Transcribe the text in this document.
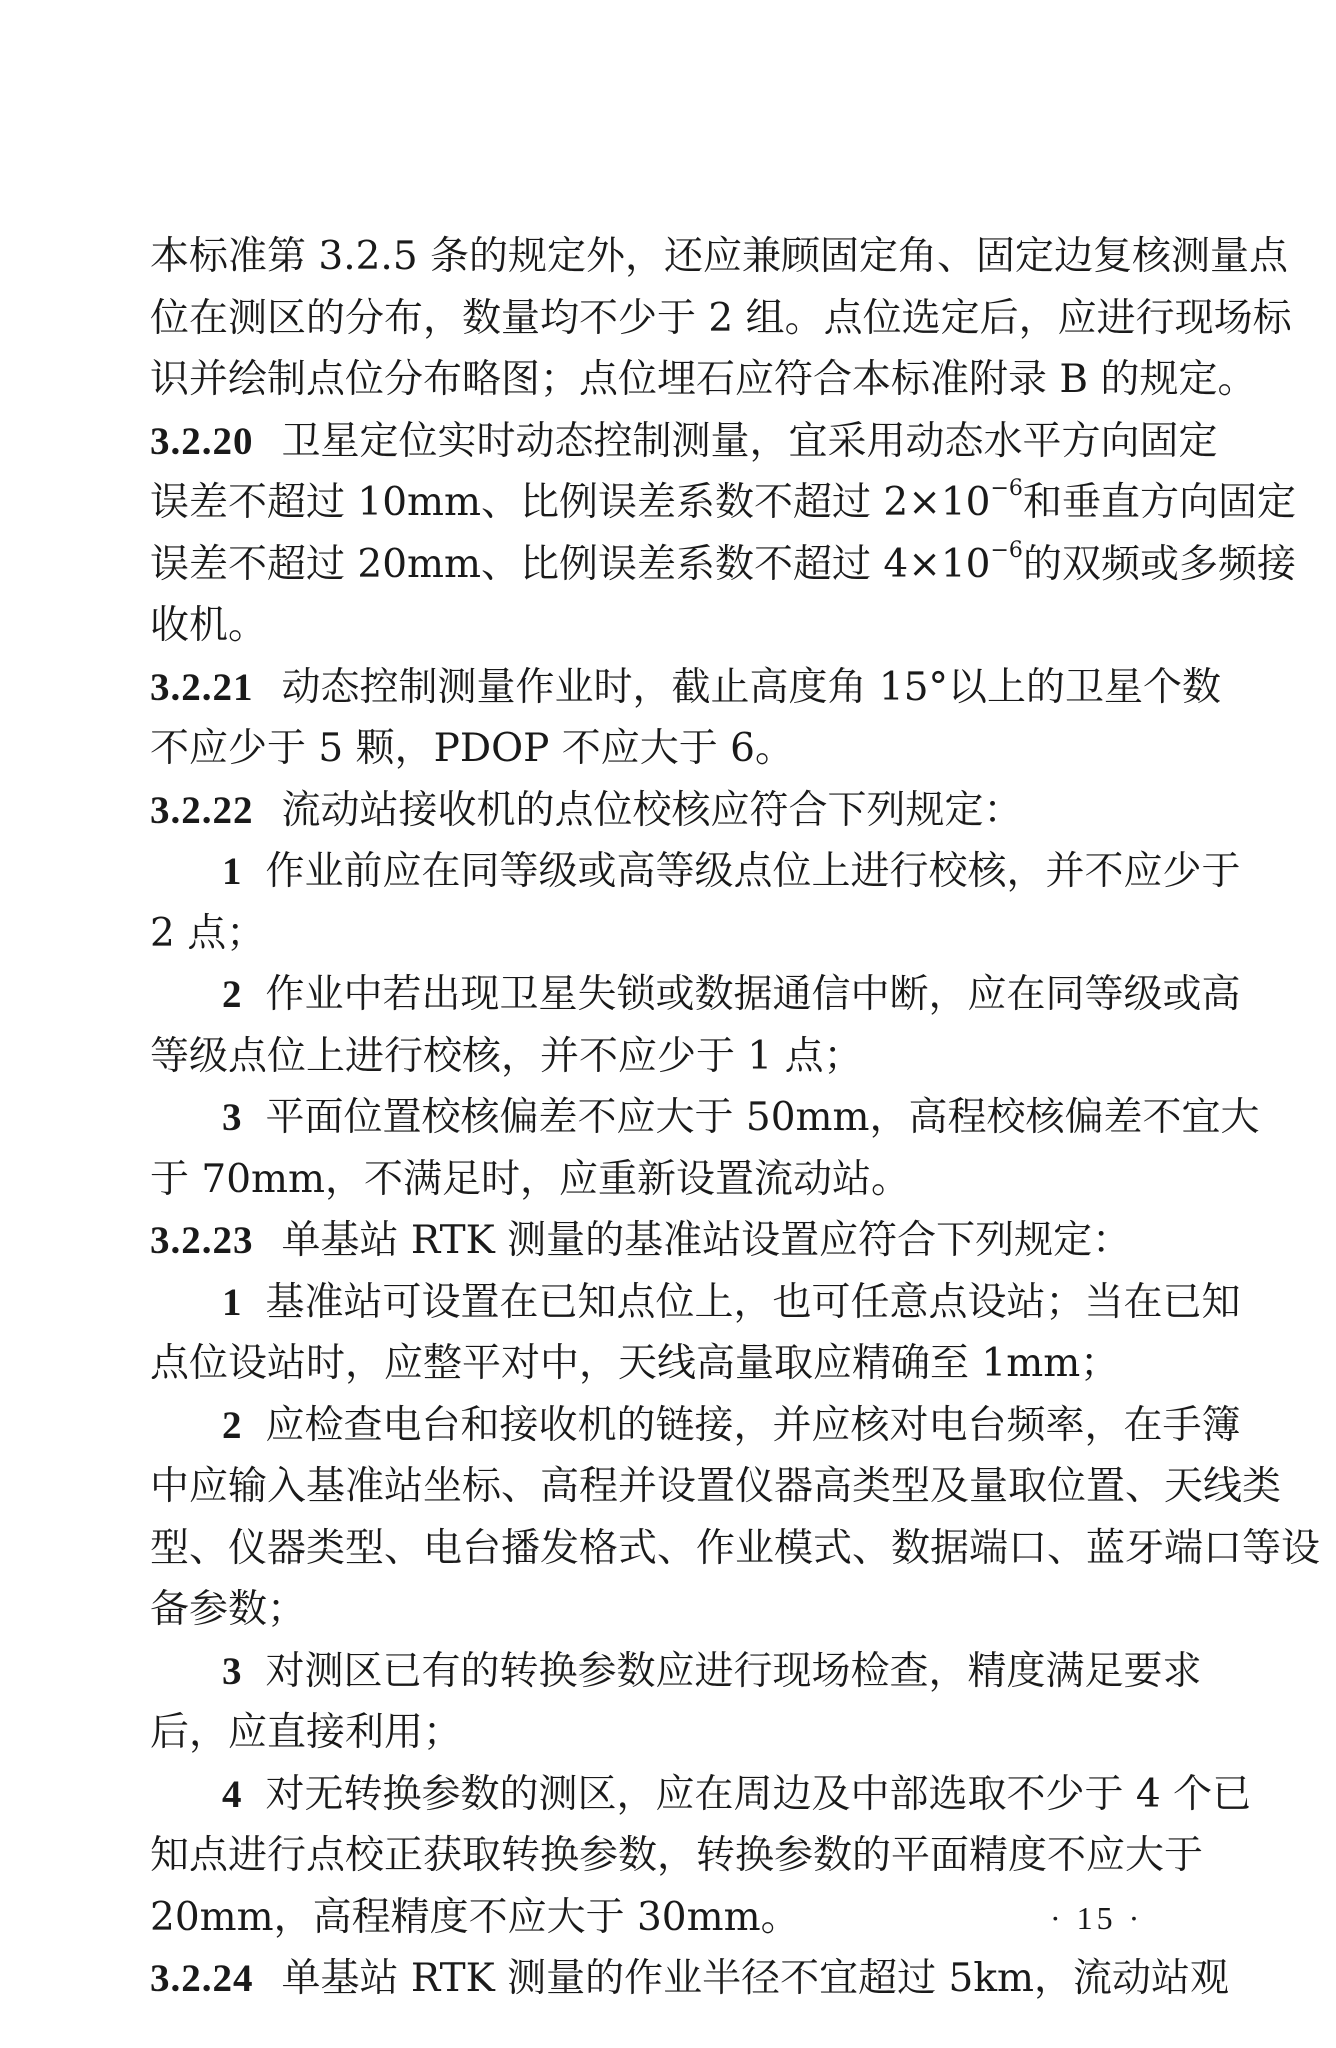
本标准第 3.2.5 条的规定外，还应兼顾固定角、固定边复核测量点
位在测区的分布，数量均不少于 2 组。点位选定后，应进行现场标
识并绘制点位分布略图；点位埋石应符合本标准附录 B 的规定。
3.2.20 卫星定位实时动态控制测量，宜采用动态水平方向固定
误差不超过 10mm、比例误差系数不超过 $2\times 10^{-6}$和垂直方向固定
误差不超过 20mm、比例误差系数不超过 $4\times 10^{-6}$的双频或多频接
收机。
3.2.21 动态控制测量作业时，截止高度角 15°以上的卫星个数
不应少于 5 颗，PDOP 不应大于 6。
3.2.22 流动站接收机的点位校核应符合下列规定：
1 作业前应在同等级或高等级点位上进行校核，并不应少于
2 点；
2 作业中若出现卫星失锁或数据通信中断，应在同等级或高
等级点位上进行校核，并不应少于 1 点；
3 平面位置校核偏差不应大于 50mm，高程校核偏差不宜大
于 70mm，不满足时，应重新设置流动站。
3.2.23 单基站 RTK 测量的基准站设置应符合下列规定：
1 基准站可设置在已知点位上，也可任意点设站；当在已知
点位设站时，应整平对中，天线高量取应精确至 1mm；
2 应检查电台和接收机的链接，并应核对电台频率，在手簿
中应输入基准站坐标、高程并设置仪器高类型及量取位置、天线类
型、仪器类型、电台播发格式、作业模式、数据端口、蓝牙端口等设
备参数；
3 对测区已有的转换参数应进行现场检查，精度满足要求
后，应直接利用；
4 对无转换参数的测区，应在周边及中部选取不少于 4 个已
知点进行点校正获取转换参数，转换参数的平面精度不应大于
20mm，高程精度不应大于 30mm。
3.2.24 单基站 RTK 测量的作业半径不宜超过 5km，流动站观
· 15 ·
